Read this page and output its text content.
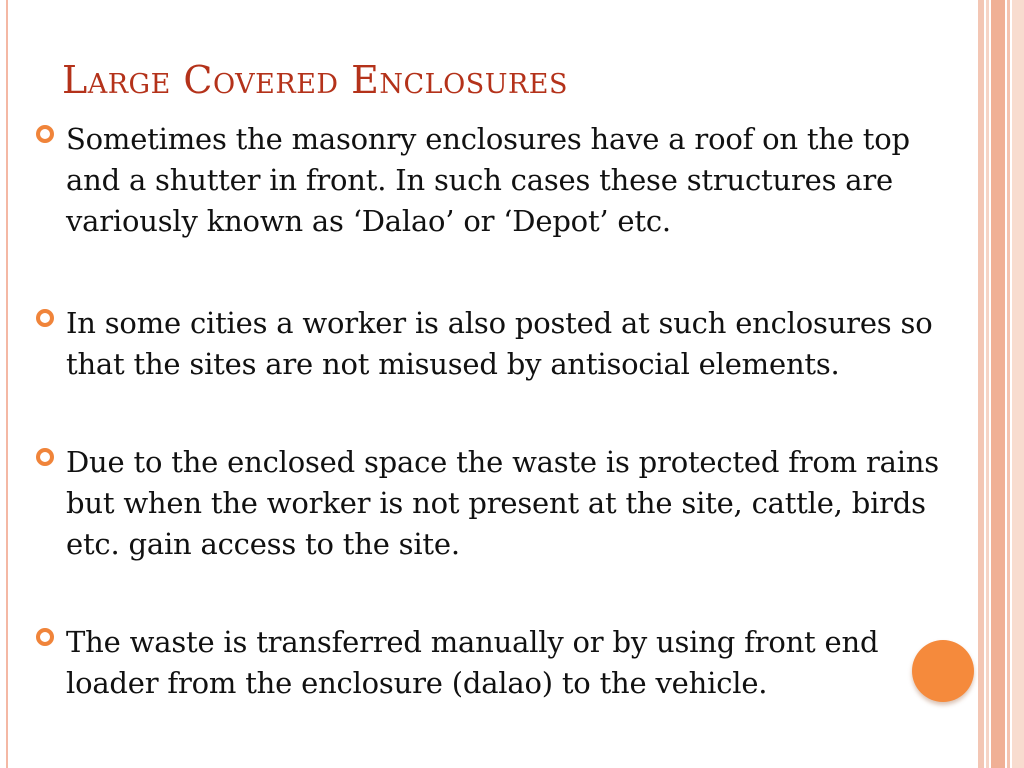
Large Covered Enclosures
Sometimes the masonry enclosures have a roof on the top and a shutter in front. In such cases these structures are variously known as ‘Dalao’ or ‘Depot’ etc.
In some cities a worker is also posted at such enclosures so that the sites are not misused by antisocial elements.
Due to the enclosed space the waste is protected from rains but when the worker is not present at the site, cattle, birds etc. gain access to the site.
The waste is transferred manually or by using front end loader from the enclosure (dalao) to the vehicle.
